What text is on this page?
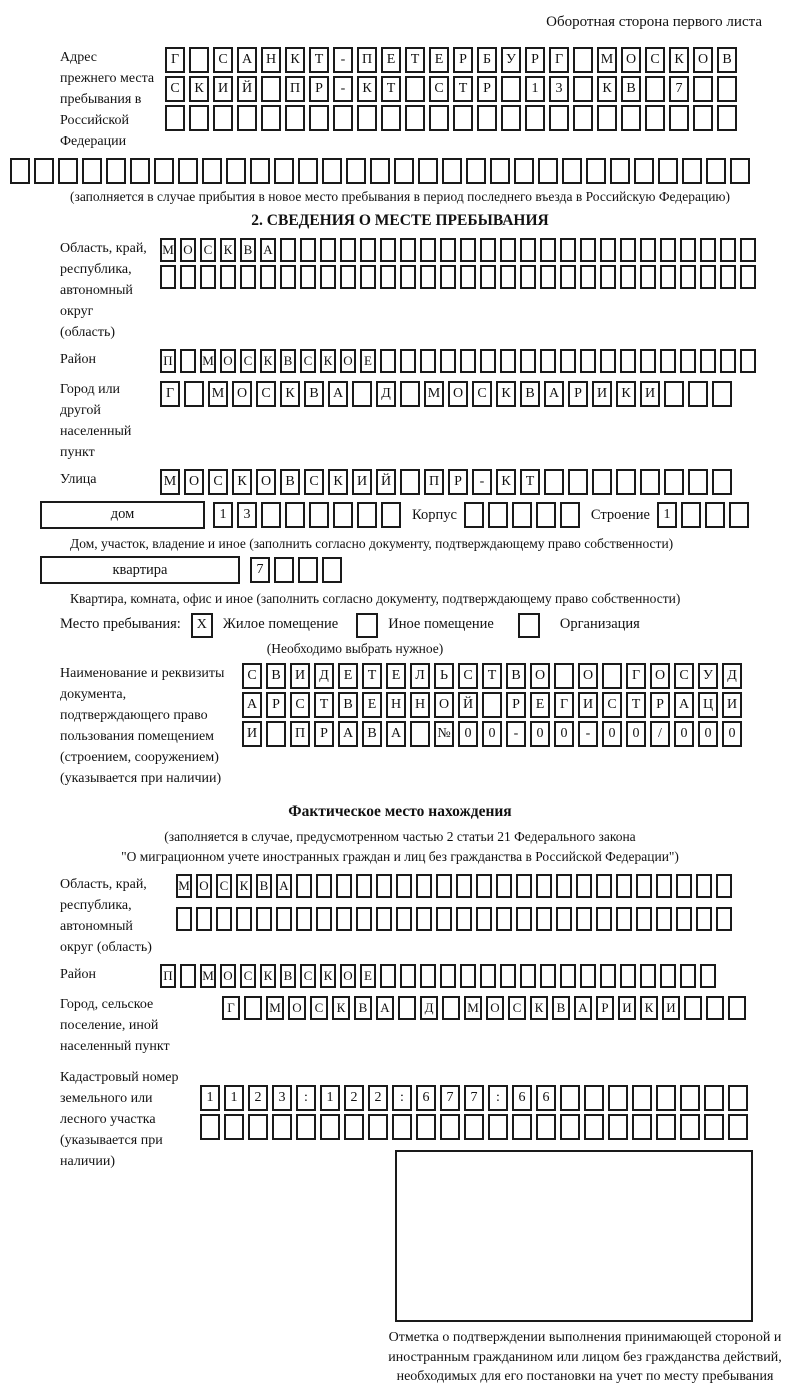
Оборотная сторона первого листа
Адрес прежнего места пребывания в Российской Федерации
Г	С	А Н	К	Т	-	П	Е	Т	Е	Р	Б	У	Р	Г	М О	С	К	О	В
С	К	И Й	П	Р	-	К	Т	С	Т	Р	1	3	К	В	7
(заполняется в случае прибытия в новое место пребывания в период последнего въезда в Российскую Федерацию)
2. СВЕДЕНИЯ О МЕСТЕ ПРЕБЫВАНИЯ
Область, край, республика, автономный округ (область)
М О С К В А
Район	П М О С К В С К О Е
Город или другой населенный пункт
Г	М О	С	К	В	А	Д	М О	С	К	В	А	Р	И	К	И
Улица	М О	С	К	О	В	С	К	И Й	П	Р	-	К	Т
дом	1	3	Корпус	Строение 1
Дом, участок, владение и иное (заполнить согласно документу, подтверждающему право собственности)
квартира	7
Квартира, комната, офис и иное (заполнить согласно документу, подтверждающему право собственности)
Место пребывания:	X	Жилое помещение	Иное помещение	Организация
(Необходимо выбрать нужное)
Наименование и реквизиты документа, подтверждающего право пользования помещением (строением, сооружением) (указывается при наличии)
С	В	И	Д	Е	Т	Е	Л	Ь	С	Т	В	О	О	Г	О	С	У	Д
А	Р	С	Т	В	Е	Н Н О Й	Р	Е	Г	И	С	Т	Р	А Ц И
И	П	Р	А	В	А	№ 0	0	-	0	0	-	0	0	/	0	0	0
Фактическое место нахождения
(заполняется в случае, предусмотренном частью 2 статьи 21 Федерального закона
"О миграционном учете иностранных граждан и лиц без гражданства в Российской Федерации")
Область, край, республика, автономный округ (область)
М О С К В А
Район	П М О С К В С К О Е
Город, сельское поселение, иной населенный пункт
Г	М О С	К	В А	Д	М О С	К	В А	Р	И К И
Кадастровый номер земельного или лесного участка (указывается при наличии)
1	1	2	3	:	1	2	2	:	6	7	7	:	6	6
Отметка о подтверждении выполнения принимающей стороной и иностранным гражданином или лицом без гражданства действий, необходимых для его постановки на учет по месту пребывания
